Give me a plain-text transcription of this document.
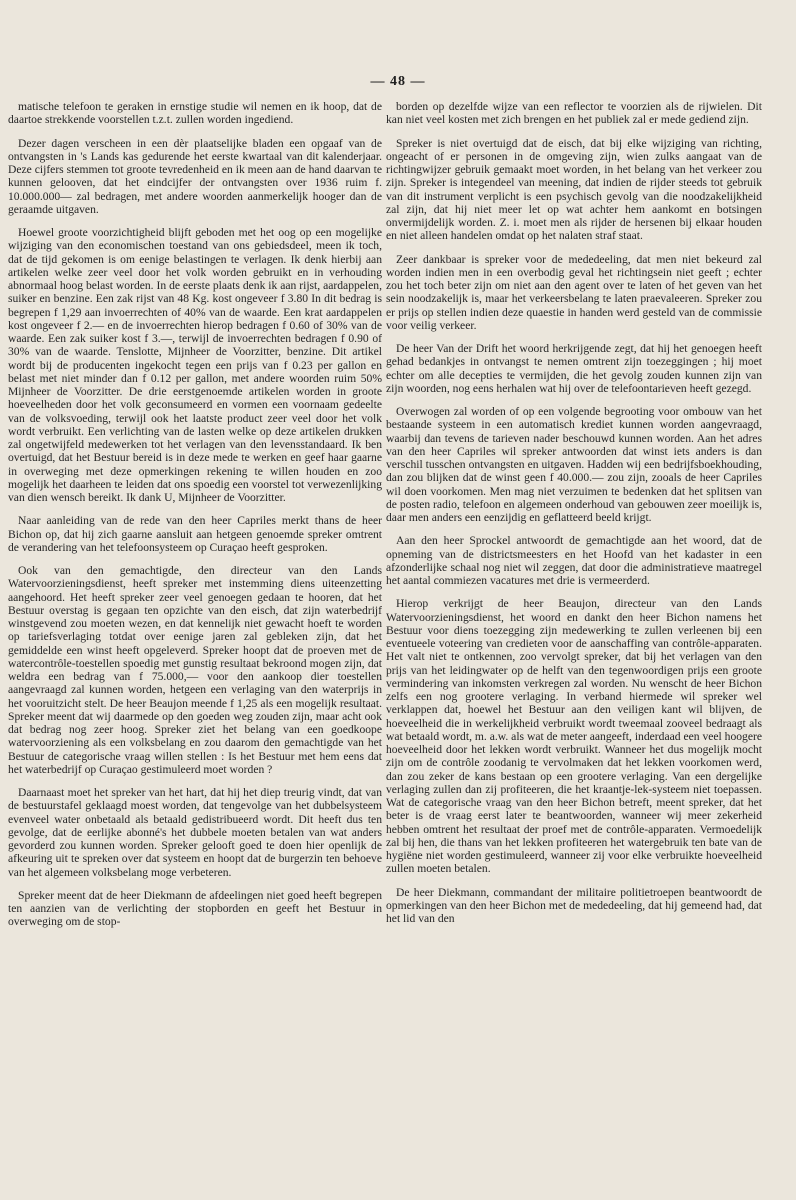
— 48 —

matische telefoon te geraken in ernstige studie wil nemen en ik hoop, dat de daartoe strekkende voorstellen t.z.t. zullen worden ingediend.

Dezer dagen verscheen in een dèr plaatselijke bladen een opgaaf van de ontvangsten in 's Lands kas gedurende het eerste kwartaal van dit kalenderjaar. Deze cijfers stemmen tot groote tevredenheid en ik meen aan de hand daarvan te kunnen gelooven, dat het eindcijfer der ontvangsten over 1936 ruim f. 10.000.000— zal bedragen, met andere woorden aanmerkelijk hooger dan de geraamde uitgaven.

Hoewel groote voorzichtigheid blijft geboden met het oog op een mogelijke wijziging van den economischen toestand van ons gebiedsdeel, meen ik toch, dat de tijd gekomen is om eenige belastingen te verlagen. Ik denk hierbij aan artikelen welke zeer veel door het volk worden gebruikt en in verhouding abnormaal hoog belast worden. In de eerste plaats denk ik aan rijst, aardappelen, suiker en benzine. Een zak rijst van 48 Kg. kost ongeveer f 3.80 In dit bedrag is begrepen f 1,29 aan invoerrechten of 40% van de waarde. Een krat aardappelen kost ongeveer f 2.— en de invoerrechten hierop bedragen f 0.60 of 30% van de waarde. Een zak suiker kost f 3.—, terwijl de invoerrechten bedragen f 0.90 of 30% van de waarde. Tenslotte, Mijnheer de Voorzitter, benzine. Dit artikel wordt bij de producenten ingekocht tegen een prijs van f 0.23 per gallon en belast met niet minder dan f 0.12 per gallon, met andere woorden ruim 50% Mijnheer de Voorzitter. De drie eerstgenoemde artikelen worden in groote hoeveelheden door het volk geconsumeerd en vormen een voornaam gedeelte van de volksvoeding, terwijl ook het laatste product zeer veel door het volk wordt verbruikt. Een verlichting van de lasten welke op deze artikelen drukken zal ongetwijfeld medewerken tot het verlagen van den levensstandaard. Ik ben overtuigd, dat het Bestuur bereid is in deze mede te werken en geef haar gaarne in overweging met deze opmerkingen rekening te willen houden en zoo mogelijk het daarheen te leiden dat ons spoedig een voorstel tot verwezenlijking van dien wensch bereikt. Ik dank U, Mijnheer de Voorzitter.

Naar aanleiding van de rede van den heer Capriles merkt thans de heer Bichon op, dat hij zich gaarne aansluit aan hetgeen genoemde spreker omtrent de verandering van het telefoonsysteem op Curaçao heeft gesproken.

Ook van den gemachtigde, den directeur van den Lands Watervoorzieningsdienst, heeft spreker met instemming diens uiteenzetting aangehoord. Het heeft spreker zeer veel genoegen gedaan te hooren, dat het Bestuur overstag is gegaan ten opzichte van den eisch, dat zijn waterbedrijf winstgevend zou moeten wezen, en dat kennelijk niet gewacht hoeft te worden op tariefsverlaging totdat over eenige jaren zal gebleken zijn, dat het gemiddelde een winst heeft opgeleverd. Spreker hoopt dat de proeven met de watercontrôle-toestellen spoedig met gunstig resultaat bekroond mogen zijn, dat weldra een bedrag van f 75.000,— voor den aankoop dier toestellen aangevraagd zal kunnen worden, hetgeen een verlaging van den waterprijs in het vooruitzicht stelt. De heer Beaujon meende f 1,25 als een mogelijk resultaat. Spreker meent dat wij daarmede op den goeden weg zouden zijn, maar acht ook dat bedrag nog zeer hoog. Spreker ziet het belang van een goedkoope watervoorziening als een volksbelang en zou daarom den gemachtigde van het Bestuur de categorische vraag willen stellen : Is het Bestuur met hem eens dat het waterbedrijf op Curaçao gestimuleerd moet worden ?

Daarnaast moet het spreker van het hart, dat hij het diep treurig vindt, dat van de bestuurstafel geklaagd moest worden, dat tengevolge van het dubbelsysteem evenveel water onbetaald als betaald gedistribueerd wordt. Dit heeft dus ten gevolge, dat de eerlijke abonné's het dubbele moeten betalen van wat anders gevorderd zou kunnen worden. Spreker gelooft goed te doen hier openlijk de afkeuring uit te spreken over dat systeem en hoopt dat de burgerzin ten behoeve van het algemeen volksbelang moge verbeteren.

Spreker meent dat de heer Diekmann de afdeelingen niet goed heeft begrepen ten aanzien van de verlichting der stopborden en geeft het Bestuur in overweging om de stop-

borden op dezelfde wijze van een reflector te voorzien als de rijwielen. Dit kan niet veel kosten met zich brengen en het publiek zal er mede gediend zijn.

Spreker is niet overtuigd dat de eisch, dat bij elke wijziging van richting, ongeacht of er personen in de omgeving zijn, wien zulks aangaat van de richtingwijzer gebruik gemaakt moet worden, in het belang van het verkeer zou zijn. Spreker is integendeel van meening, dat indien de rijder steeds tot gebruik van dit instrument verplicht is een psychisch gevolg van die noodzakelijkheid zal zijn, dat hij niet meer let op wat achter hem aankomt en botsingen onvermijdelijk worden. Z. i. moet men als rijder de hersenen bij elkaar houden en niet alleen handelen omdat op het nalaten straf staat.

Zeer dankbaar is spreker voor de mededeeling, dat men niet bekeurd zal worden indien men in een overbodig geval het richtingsein niet geeft ; echter zou het toch beter zijn om niet aan den agent over te laten of het geven van het sein noodzakelijk is, maar het verkeersbelang te laten praevaleeren. Spreker zou er prijs op stellen indien deze quaestie in handen werd gesteld van de commissie voor veilig verkeer.

De heer Van der Drift het woord herkrijgende zegt, dat hij het genoegen heeft gehad bedankjes in ontvangst te nemen omtrent zijn toezeggingen ; hij moet echter om alle decepties te vermijden, die het gevolg zouden kunnen zijn van zijn woorden, nog eens herhalen wat hij over de telefoontarieven heeft gezegd.

Overwogen zal worden of op een volgende begrooting voor ombouw van het bestaande systeem in een automatisch krediet kunnen worden aangevraagd, waarbij dan tevens de tarieven nader beschouwd kunnen worden. Aan het adres van den heer Capriles wil spreker antwoorden dat winst iets anders is dan verschil tusschen ontvangsten en uitgaven. Hadden wij een bedrijfsboekhouding, dan zou blijken dat de winst geen f 40.000.— zou zijn, zooals de heer Capriles wil doen voorkomen. Men mag niet verzuimen te bedenken dat het splitsen van de posten radio, telefoon en algemeen onderhoud van gebouwen zeer moeilijk is, daar men anders een eenzijdig en geflatteerd beeld krijgt.

Aan den heer Sprockel antwoordt de gemachtigde aan het woord, dat de opneming van de districtsmeesters en het Hoofd van het kadaster in een afzonderlijke schaal nog niet wil zeggen, dat door die administratieve maatregel het aantal commiezen vacatures met drie is vermeerderd.

Hierop verkrijgt de heer Beaujon, directeur van den Lands Watervoorzieningsdienst, het woord en dankt den heer Bichon namens het Bestuur voor diens toezegging zijn medewerking te zullen verleenen bij een eventueele voteering van credieten voor de aanschaffing van contrôle-apparaten. Het valt niet te ontkennen, zoo vervolgt spreker, dat bij het verlagen van den prijs van het leidingwater op de helft van den tegenwoordigen prijs een groote vermindering van inkomsten verkregen zal worden. Nu wenscht de heer Bichon zelfs een nog grootere verlaging. In verband hiermede wil spreker wel verklappen dat, hoewel het Bestuur aan den veiligen kant wil blijven, de hoeveelheid die in werkelijkheid verbruikt wordt tweemaal zooveel bedraagt als wat betaald wordt, m. a.w. als wat de meter aangeeft, inderdaad een veel hoogere hoeveelheid door het lekken wordt verbruikt. Wanneer het dus mogelijk mocht zijn om de contrôle zoodanig te vervolmaken dat het lekken voorkomen werd, dan zou zeker de kans bestaan op een grootere verlaging. Van een dergelijke verlaging zullen dan zij profiteeren, die het kraantje-lek-systeem niet toepassen. Wat de categorische vraag van den heer Bichon betreft, meent spreker, dat het beter is de vraag eerst later te beantwoorden, wanneer wij meer zekerheid hebben omtrent het resultaat der proef met de contrôle-apparaten. Vermoedelijk zal bij hen, die thans van het lekken profiteeren het watergebruik ten bate van de hygiëne niet worden gestimuleerd, wanneer zij voor elke verbruikte hoeveelheid zullen moeten betalen.

De heer Diekmann, commandant der militaire politietroepen beantwoordt de opmerkingen van den heer Bichon met de mededeeling, dat hij gemeend had, dat het lid van den
